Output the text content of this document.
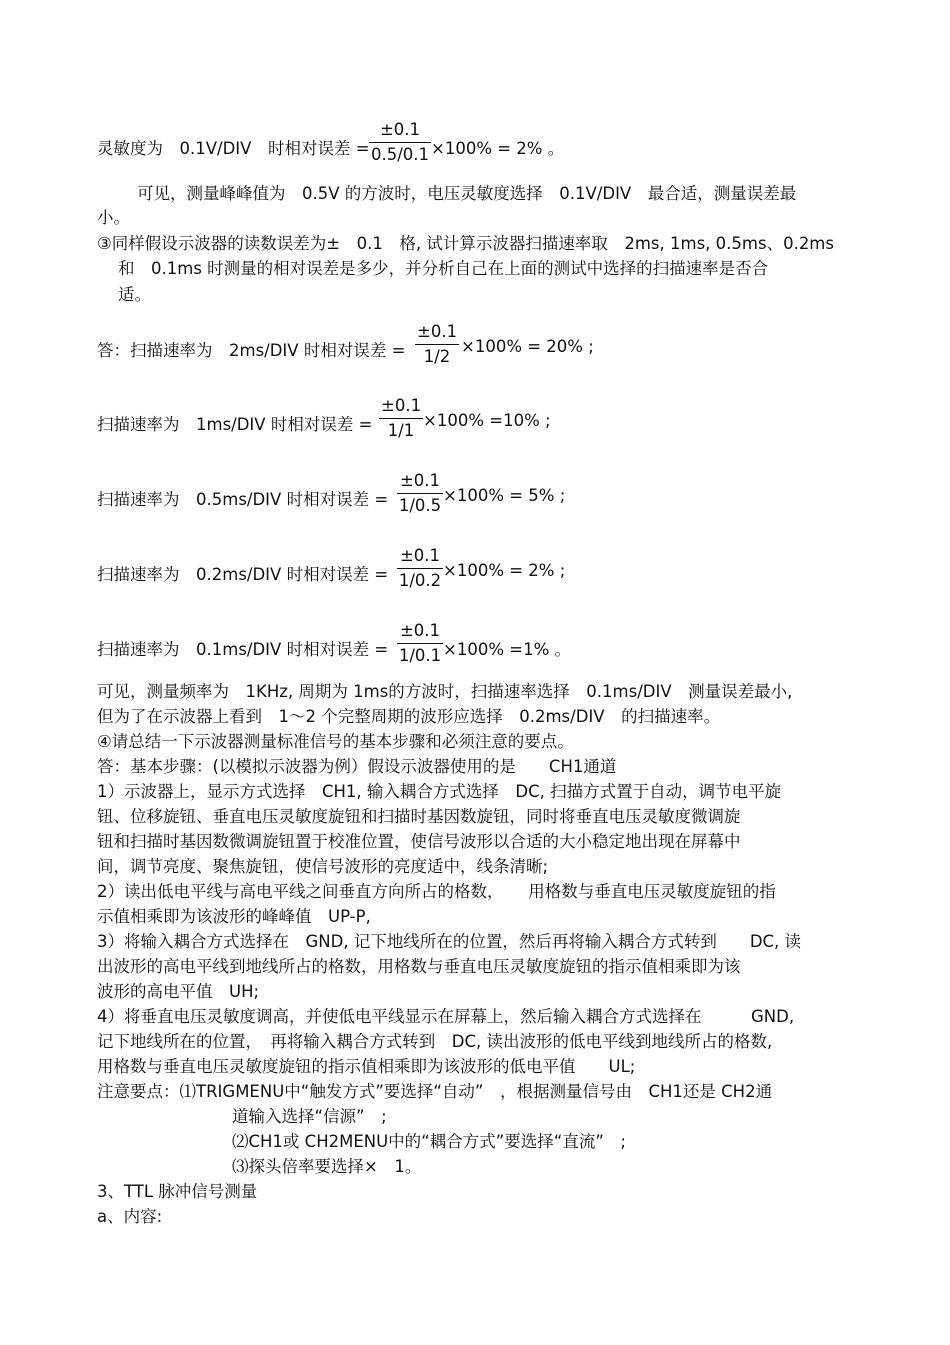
灵敏度为　0.1V/DIV　时相对误差 =
±0.1
0.5/0.1 ×100% = 2% 。
可见，测量峰峰值为　0.5V 的方波时，电压灵敏度选择　0.1V/DIV　最合适，测量误差最
小。
③同样假设示波器的读数误差为±　0.1　格, 试计算示波器扫描速率取　2ms, 1ms, 0.5ms、0.2ms
和　0.1ms 时测量的相对误差是多少，并分析自己在上面的测试中选择的扫描速率是否合
适。
答：扫描速率为　2ms/DIV 时相对误差 =
±0.1
1/2
×100% = 20% ;
扫描速率为　1ms/DIV 时相对误差 =
±0.1
1/1
×100% =10% ;
扫描速率为　0.5ms/DIV 时相对误差 =
±0.1
1/0.5
×100% = 5% ;
扫描速率为　0.2ms/DIV 时相对误差 =
±0.1
1/0.2
×100% = 2% ;
扫描速率为　0.1ms/DIV 时相对误差 =
±0.1
1/0.1 ×100% =1% 。
可见，测量频率为　1KHz, 周期为 1ms的方波时，扫描速率选择　0.1ms/DIV　测量误差最小,
但为了在示波器上看到　1～2 个完整周期的波形应选择　0.2ms/DIV　的扫描速率。
④请总结一下示波器测量标准信号的基本步骤和必须注意的要点。
答：基本步骤：(以模拟示波器为例）假设示波器使用的是　　CH1通道
1）示波器上，显示方式选择　CH1, 输入耦合方式选择　DC, 扫描方式置于自动，调节电平旋
钮、位移旋钮、垂直电压灵敏度旋钮和扫描时基因数旋钮，同时将垂直电压灵敏度微调旋
钮和扫描时基因数微调旋钮置于校准位置，使信号波形以合适的大小稳定地出现在屏幕中
间，调节亮度、聚焦旋钮，使信号波形的亮度适中，线条清晰;
2）读出低电平线与高电平线之间垂直方向所占的格数，　　用格数与垂直电压灵敏度旋钮的指
示值相乘即为该波形的峰峰值　UP-P,
3）将输入耦合方式选择在　GND, 记下地线所在的位置，然后再将输入耦合方式转到　　DC, 读
出波形的高电平线到地线所占的格数，用格数与垂直电压灵敏度旋钮的指示值相乘即为该
波形的高电平值　UH;
4）将垂直电压灵敏度调高，并使低电平线显示在屏幕上，然后输入耦合方式选择在　　　GND,
记下地线所在的位置，　再将输入耦合方式转到　DC, 读出波形的低电平线到地线所占的格数,
用格数与垂直电压灵敏度旋钮的指示值相乘即为该波形的低电平值　　UL;
注意要点：⑴TRIGMENU中“触发方式”要选择“自动”　，根据测量信号由　CH1还是 CH2通
道输入选择“信源”　;
⑵CH1或 CH2MENU中的“耦合方式”要选择“直流”　;
⑶探头倍率要选择×　1。
3、TTL 脉冲信号测量
a、内容:
